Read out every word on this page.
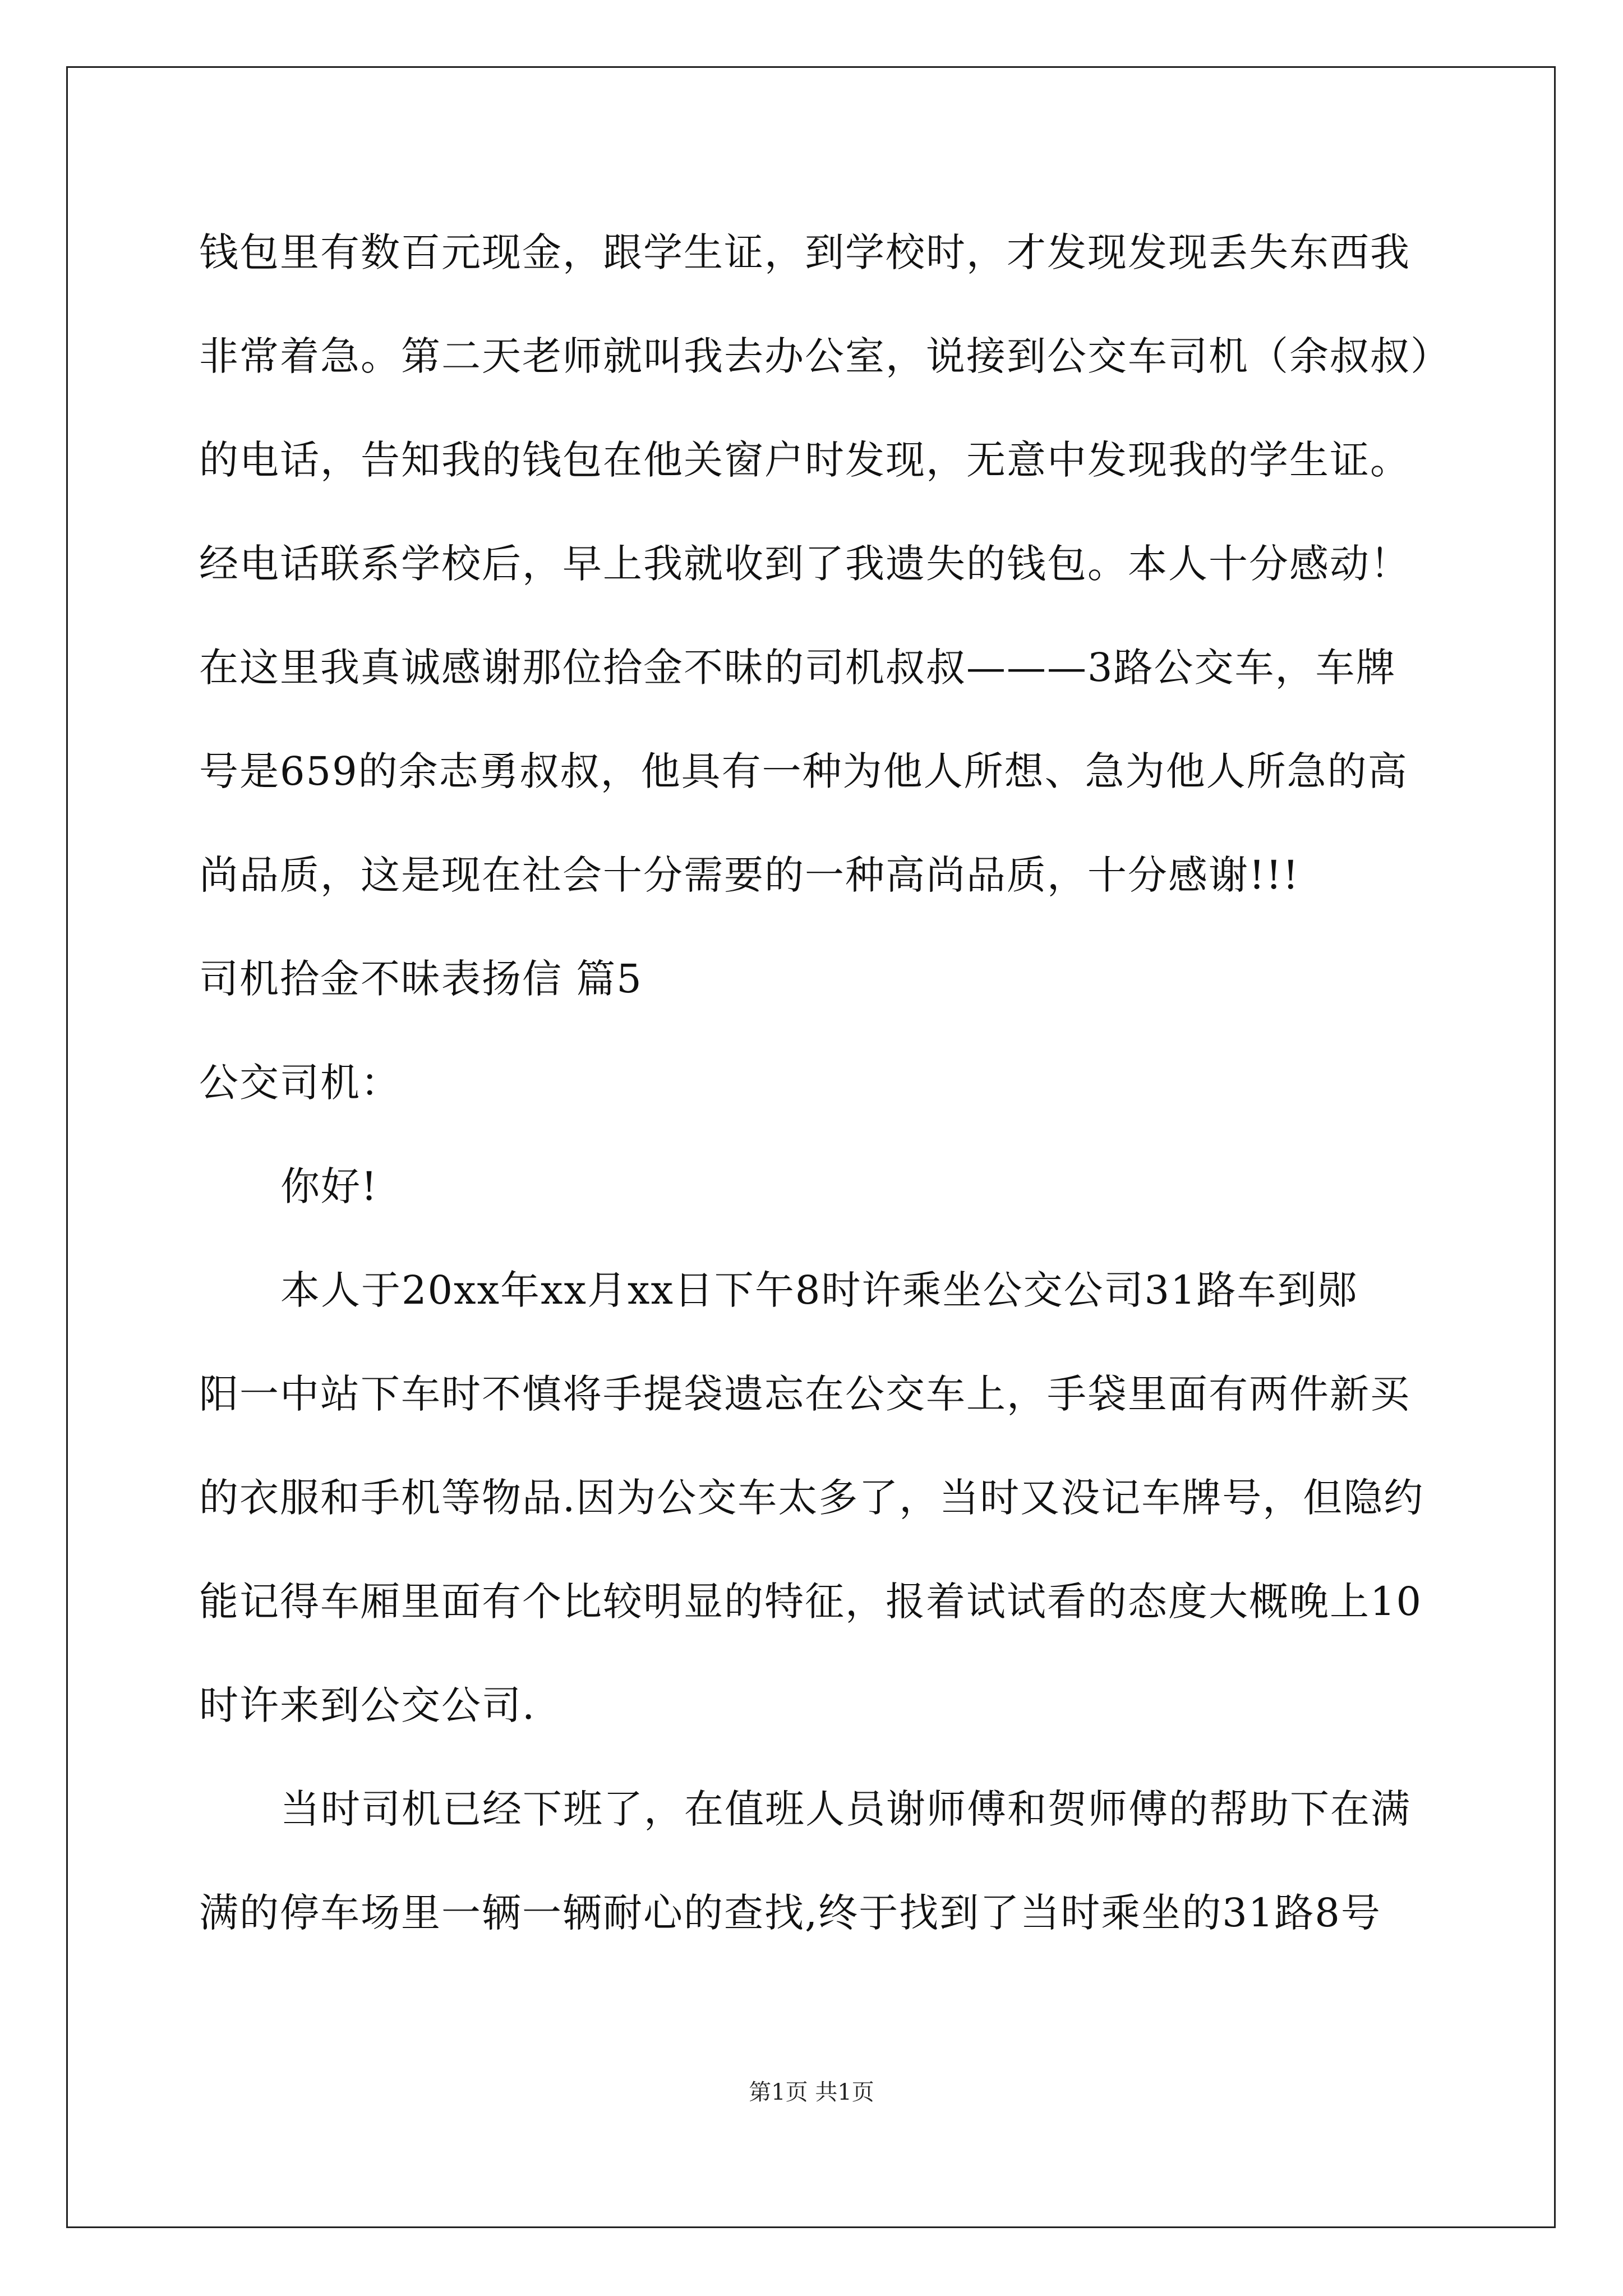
钱包里有数百元现金，跟学生证，到学校时，才发现发现丢失东西我
非常着急。第二天老师就叫我去办公室，说接到公交车司机（余叔叔）
的电话，告知我的钱包在他关窗户时发现，无意中发现我的学生证。
经电话联系学校后，早上我就收到了我遗失的钱包。本人十分感动！
在这里我真诚感谢那位拾金不昧的司机叔叔———3路公交车，车牌
号是659的余志勇叔叔，他具有一种为他人所想、急为他人所急的高
尚品质，这是现在社会十分需要的一种高尚品质，十分感谢!!!
司机拾金不昧表扬信 篇5
公交司机：
你好!
本人于20xx年xx月xx日下午8时许乘坐公交公司31路车到郧
阳一中站下车时不慎将手提袋遗忘在公交车上，手袋里面有两件新买
的衣服和手机等物品.因为公交车太多了，当时又没记车牌号，但隐约
能记得车厢里面有个比较明显的特征，报着试试看的态度大概晚上10
时许来到公交公司.
当时司机已经下班了，在值班人员谢师傅和贺师傅的帮助下在满
满的停车场里一辆一辆耐心的查找,终于找到了当时乘坐的31路8号
第1页 共1页
